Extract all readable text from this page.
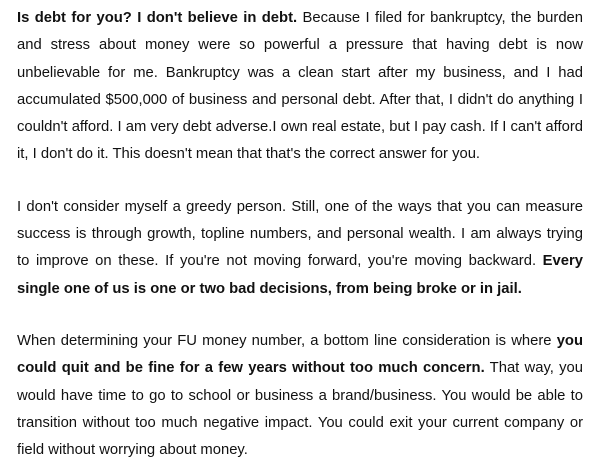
Is debt for you? I don't believe in debt. Because I filed for bankruptcy, the burden and stress about money were so powerful a pressure that having debt is now unbelievable for me. Bankruptcy was a clean start after my business, and I had accumulated $500,000 of business and personal debt. After that, I didn't do anything I couldn't afford. I am very debt adverse.I own real estate, but I pay cash. If I can't afford it, I don't do it. This doesn't mean that that's the correct answer for you.

I don't consider myself a greedy person. Still, one of the ways that you can measure success is through growth, topline numbers, and personal wealth. I am always trying to improve on these. If you're not moving forward, you're moving backward. Every single one of us is one or two bad decisions, from being broke or in jail.

When determining your FU money number, a bottom line consideration is where you could quit and be fine for a few years without too much concern. That way, you would have time to go to school or business a brand/business. You would be able to transition without too much negative impact. You could exit your current company or field without worrying about money.
